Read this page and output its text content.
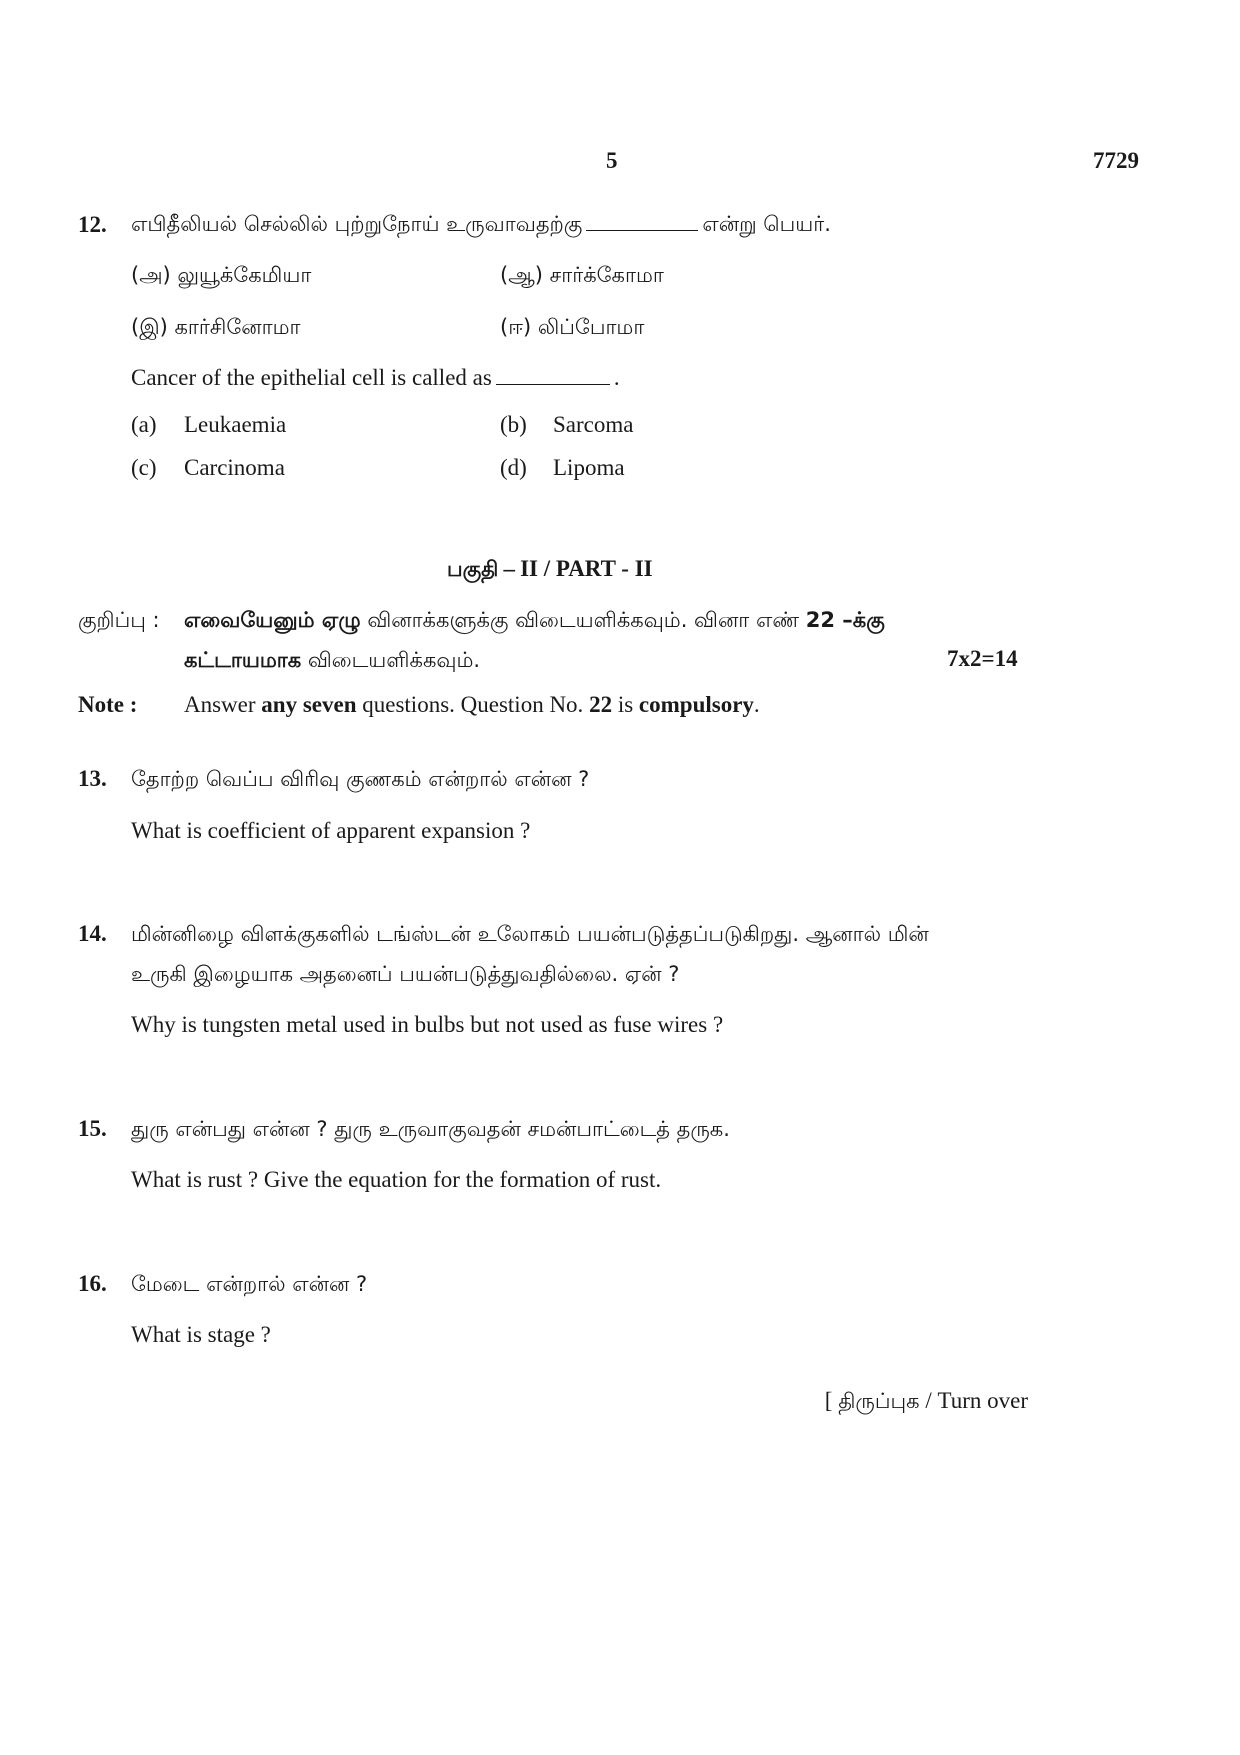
5	7729
12. எபிதீலியல் செல்லில் புற்றுநோய் உருவாவதற்கு	என்று பெயர்.
(அ) லுயூக்கேமியா	(ஆ) சார்க்கோமா
(இ) கார்சினோமா	(ஈ) லிப்போமா
Cancer of the epithelial cell is called as	.
(a) Leukaemia	(b) Sarcoma
(c) Carcinoma	(d) Lipoma
பகுதி – II / PART - II
குறிப்பு : எவையேனும் ஏழு வினாக்களுக்கு விடையளிக்கவும். வினா எண் 22 –க்கு
கட்டாயமாக விடையளிக்கவும்.	7x2=14
Note : Answer any seven questions. Question No. 22 is compulsory.
13. தோற்ற வெப்ப விரிவு குணகம் என்றால் என்ன ?
What is coefficient of apparent expansion ?
14. மின்னிழை விளக்குகளில் டங்ஸ்டன் உலோகம் பயன்படுத்தப்படுகிறது. ஆனால் மின்
உருகி இழையாக அதனைப் பயன்படுத்துவதில்லை. ஏன் ?
Why is tungsten metal used in bulbs but not used as fuse wires ?
15. துரு என்பது என்ன ? துரு உருவாகுவதன் சமன்பாட்டைத் தருக.
What is rust ? Give the equation for the formation of rust.
16. மேடை என்றால் என்ன ?
What is stage ?
[ திருப்புக / Turn over
